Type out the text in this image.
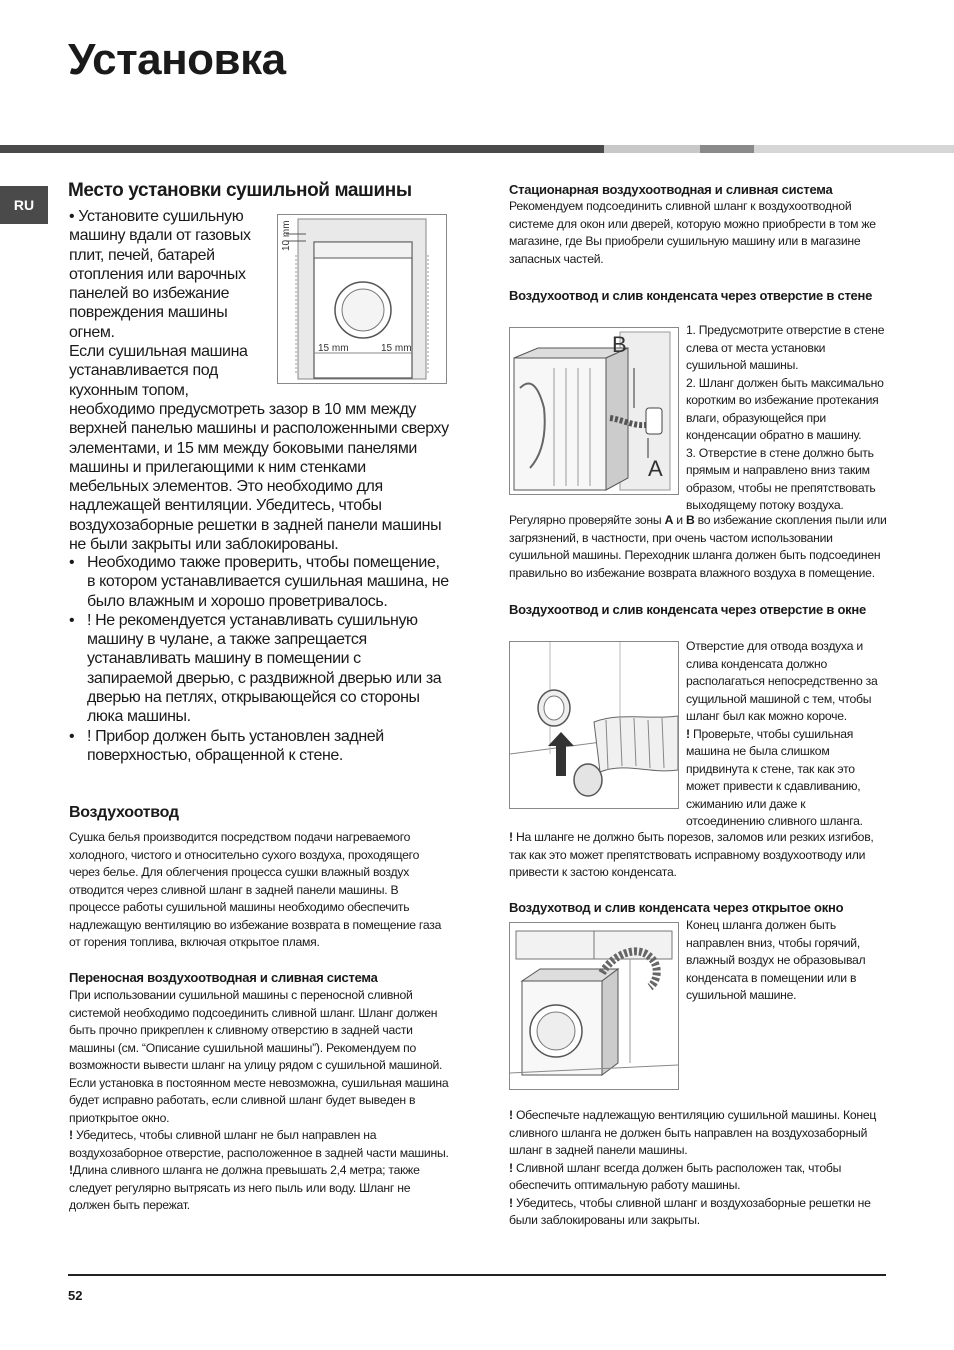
Установка
RU
Место установки сушильной машины
• Установите сушильную
машину вдали от газовых
плит, печей, батарей
отопления или варочных
панелей во избежание
повреждения машины
огнем.
Если сушильная машина
устанавливается под
кухонным топом,
10 mm
15 mm	15 mm
необходимо предусмотреть зазор в 10 мм между верхней панелью машины и расположенными сверху элементами, и 15 мм между боковыми панелями машины и прилегающими к ним стенками мебельных элементов. Это необходимо для надлежащей вентиляции. Убедитесь, чтобы воздухозаборные решетки в задней панели машины не были закрыты или заблокированы.
• Необходимо также проверить, чтобы помещение, в котором устанавливается сушильная машина, не было влажным и хорошо проветривалось.
• ! Не рекомендуется устанавливать сушильную машину в чулане, а также запрещается устанавливать машину в помещении с запираемой дверью, с раздвижной дверью или за дверью на петлях, открывающейся со стороны люка машины.
• ! Прибор должен быть установлен задней поверхностью, обращенной к стене.
Воздухоотвод
Сушка белья производится посредством подачи нагреваемого холодного, чистого и относительно сухого воздуха, проходящего через белье. Для облегчения процесса сушки влажный воздух отводится через сливной шланг в задней панели машины. В процессе работы сушильной машины необходимо обеспечить надлежащую вентиляцию во избежание возврата в помещение газа от горения топлива, включая открытое пламя.
Переносная воздухоотводная и сливная система

При использовании сушильной машины с переносной сливной системой необходимо подсоединить сливной шланг. Шланг должен быть прочно прикреплен к сливному отверстию в задней части машины (см. “Описание сушильной машины”). Рекомендуем по возможности вывести шланг на улицу рядом с сушильной машиной. Если установка в постоянном месте невозможна, сушильная машина будет исправно работать, если сливной шланг будет выведен в приоткрытое окно.

! Убедитесь, чтобы сливной шланг не был направлен на воздухозаборное отверстие, расположенное в задней части машины.

!Длина сливного шланга не должна превышать 2,4 метра; также следует регулярно вытрясать из него пыль или воду. Шланг не должен быть пережат.

Стационарная воздухоотводная и сливная система
Рекомендуем подсоединить сливной шланг к воздухоотводной системе для окон или дверей, которую можно приобрести в том же магазине, где Вы приобрели сушильную машину или в магазине запасных частей.
Воздухоотвод и слив конденсата через отверстие в стене
B
A

1. Предусмотрите отверстие в стене слева от места установки сушильной машины.

2. Шланг должен быть максимально коротким во избежание протекания влаги, образующейся при конденсации обратно в машину.

3. Отверстие в стене должно быть прямым и направлено вниз таким образом, чтобы не препятствовать выходящему потоку воздуха.

Регулярно проверяйте зоны A и B во избежание скопления пыли или загрязнений, в частности, при очень частом использовании сушильной машины. Переходник шланга должен быть подсоединен правильно во избежание возврата влажного воздуха в помещение.
Воздухоотвод и слив конденсата через отверстие в окне

Отверстие для отвода воздуха и слива конденсата должно располагаться непосредственно за сущильной машиной с тем, чтобы шланг был как можно короче.

! Проверьте, чтобы сушильная машина не была слишком придвинута к стене, так как это может привести к сдавливанию, сжиманию или даже к отсоединению сливного шланга.

! На шланге не должно быть порезов, заломов или резких изгибов, так как это может препятствовать исправному воздухоотводу или привести к застою конденсата.

Воздухотвод и слив конденсата через открытое окно
Конец шланга должен быть направлен вниз, чтобы горячий, влажный воздух не образовывал конденсата в помещении или в сушильной машине.

! Обеспечьте надлежащую вентиляцию сушильной машины. Конец сливного шланга не должен быть направлен на воздухозаборный шланг в задней панели машины.

! Сливной шланг всегда должен быть расположен так, чтобы обеспечить оптимальную работу машины.

! Убедитесь, чтобы сливной шланг и воздухозаборные решетки не были заблокированы или закрыты.

52
